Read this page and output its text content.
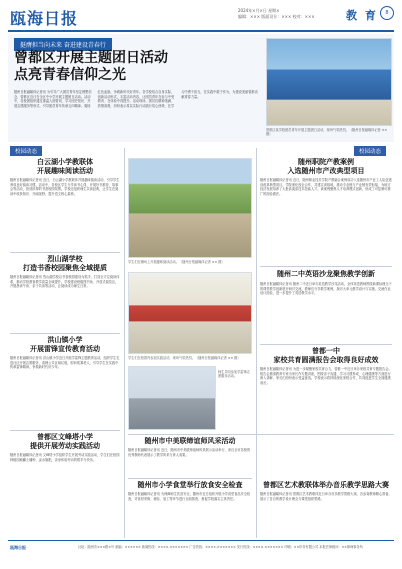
瓯海日报	2024年×月×日 星期×
编辑：××× 版面设计：××× 校对：×××	教 育	8
挺膺担当向未来 奋进建设青春行
曾都区开展主题团日活动
点亮青春信仰之光
随州日报融媒体记者讯 为引导广大团员青年坚定理想信念，曾都区近日在全区中小学开展主题团日活动。活动中，各校团组织通过重温入团誓词、学习团史知识、开展志愿服务等形式，引导团员青年传承五四精神，赓续红色血脉，争做新时代好青年。各学校结合自身实际，创新活动形式，丰富活动内容，让团员青年在参与中受教育、在体验中得提升。活动现场，团员们精神饱满、热情高涨，纷纷表示将以实际行动践行初心使命，在学习中勇于担当，在实践中敢于作为，为建设美丽曾都贡献青春力量。
曾都区某学校团员青年开展主题团日活动，现场气氛热烈。（随州日报融媒体记者 ×× 摄）
校园动态	校园动态
白云湖小学教联体
开展趣味阅读活动
随州日报融媒体记者讯 近日，白云湖小学教联体开展趣味阅读活动，引导学生养成良好阅读习惯。活动中，各校区学生分享读书心得，开展好书推荐、故事会等活动，营造浓厚的书香校园氛围。学校还组织师生共读经典，让学生在阅读中收获知识、开阔视野，提升语文核心素养。
烈山湖学校
打造书香校园聚焦全域提质
随州日报融媒体记者讯 烈山湖学校以书香校园建设为抓手，打造全方位阅读体系，推动学校教育教学质量全域提升。学校建设班级图书角、开放式阅览区，开展晨读午读、亲子共读等活动，让阅读成为师生日常。
洪山镇小学
开展雷锋宣传教育活动
随州日报融媒体记者讯 洪山镇小学近日开展学雷锋主题教育活动，组织学生走进社区开展志愿服务，清理公共区域垃圾，慰问孤寡老人，引导学生在实践中传承雷锋精神，争做新时代好少年。
曾都区文峰塔小学
提供开展劳动实践活动
随州日报融媒体记者讯 文峰塔小学组织学生开展劳动实践活动，学生们在校园种植园地翻土播种、浇水施肥，亲身体验劳动的艰辛与快乐。
学生们在操场上开展趣味阅读活动。（随州日报融媒体记者 ×× 摄）
学生们在校园内参加实践活动，现场气氛热烈。（随州日报融媒体记者 ×× 摄）
师生共同参加学雷锋志愿服务活动。
随州市中美联缔谊师风采活动
随州日报融媒体记者讯 近日，随州市中美联缔谊师风采展示活动举行，来自全市各校的优秀教师代表展示了教学风采与育人成果。
随州市小学食堂举行放食安全检查
随州日报融媒体记者讯 为保障师生饮食安全，随州市近日组织开展小学食堂食品安全检查，对食材采购、储存、加工等环节进行全面排查，督促学校落实主体责任。
随州职院产教案例
入选随州市产改典型项目
随州日报融媒体记者讯 近日，随州职业技术学院产教融合案例成功入选随州市产业工人队伍建设改革典型项目。学院深化校企合作，共建实训基地，推动专业链与产业链有效衔接，为地方经济发展培养了大批高素质技术技能人才。该案例聚焦人才培养模式创新，形成了可复制可推广的经验做法。
随州二中英语沙龙聚焦教学创新
随州日报融媒体记者讯 随州二中近日举办英语教学沙龙活动，全体英语教师围绕新课标理念下的课堂教学创新展开研讨交流。教师们分享教学案例，探讨大单元教学设计与实施，交流作业设计经验，进一步提升了英语教学水平。
曾都一中
家校共育圆满报告会取得良好成效
随州日报融媒体记者讯 为进一步凝聚家校共育合力，曾都一中近日举办家校共育专题报告会。报告会邀请教育专家为家长作专题讲座，围绕亲子沟通、学习习惯养成、心理健康等方面进行深入讲解，家长们纷纷表示受益匪浅。学校表示将持续深化家校合作，共同促进学生全面健康成长。
曾都区艺术教联体举办音乐教学思路大赛
随州日报融媒体记者讯 曾都区艺术教联体近日举办音乐教学思路大赛，各参赛教师精心准备，展示了各自的教学设计理念与课堂组织思路。
瓯海日报	社址：随州市×××路×号 邮编：×××××× 新闻热线：××××-××××××× 广告热线：××××-××××××× 发行热线：××××-××××××× 印刷：××印务有限公司 本报法律顾问：××律师事务所
